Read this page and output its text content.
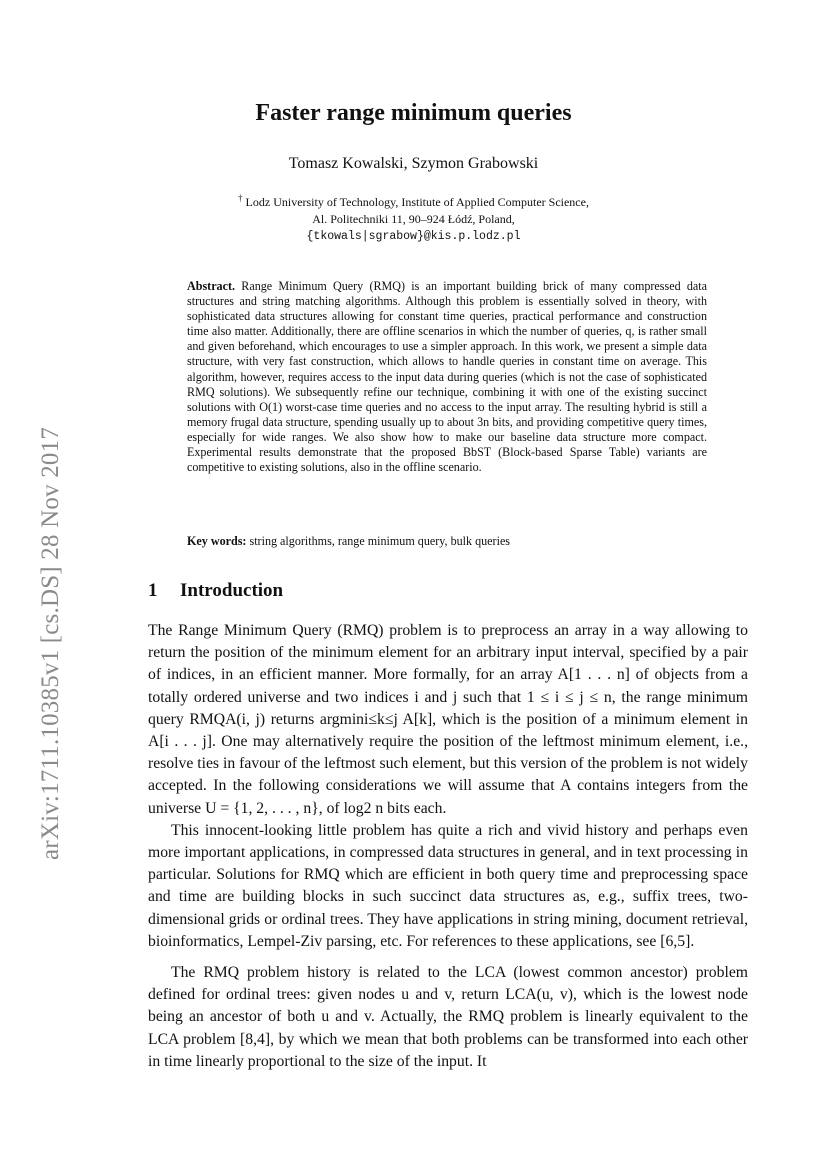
arXiv:1711.10385v1 [cs.DS] 28 Nov 2017
Faster range minimum queries
Tomasz Kowalski, Szymon Grabowski
† Lodz University of Technology, Institute of Applied Computer Science,
Al. Politechniki 11, 90–924 Łódź, Poland,
{tkowals|sgrabow}@kis.p.lodz.pl
Abstract. Range Minimum Query (RMQ) is an important building brick of many compressed data structures and string matching algorithms. Although this problem is essentially solved in theory, with sophisticated data structures allowing for constant time queries, practical performance and construction time also matter. Additionally, there are offline scenarios in which the number of queries, q, is rather small and given beforehand, which encourages to use a simpler approach. In this work, we present a simple data structure, with very fast construction, which allows to handle queries in constant time on average. This algorithm, however, requires access to the input data during queries (which is not the case of sophisticated RMQ solutions). We subsequently refine our technique, combining it with one of the existing succinct solutions with O(1) worst-case time queries and no access to the input array. The resulting hybrid is still a memory frugal data structure, spending usually up to about 3n bits, and providing competitive query times, especially for wide ranges. We also show how to make our baseline data structure more compact. Experimental results demonstrate that the proposed BbST (Block-based Sparse Table) variants are competitive to existing solutions, also in the offline scenario.
Key words: string algorithms, range minimum query, bulk queries
1 Introduction

The Range Minimum Query (RMQ) problem is to preprocess an array in a way allowing to return the position of the minimum element for an arbitrary input interval, specified by a pair of indices, in an efficient manner. More formally, for an array A[1 . . . n] of objects from a totally ordered universe and two indices i and j such that 1 ≤ i ≤ j ≤ n, the range minimum query RMQA(i, j) returns argmini≤k≤j A[k], which is the position of a minimum element in A[i . . . j]. One may alternatively require the position of the leftmost minimum element, i.e., resolve ties in favour of the leftmost such element, but this version of the problem is not widely accepted. In the following considerations we will assume that A contains integers from the universe U = {1, 2, . . . , n}, of log2 n bits each.

This innocent-looking little problem has quite a rich and vivid history and perhaps even more important applications, in compressed data structures in general, and in text processing in particular. Solutions for RMQ which are efficient in both query time and preprocessing space and time are building blocks in such succinct data structures as, e.g., suffix trees, two-dimensional grids or ordinal trees. They have applications in string mining, document retrieval, bioinformatics, Lempel-Ziv parsing, etc. For references to these applications, see [6,5].

The RMQ problem history is related to the LCA (lowest common ancestor) problem defined for ordinal trees: given nodes u and v, return LCA(u, v), which is the lowest node being an ancestor of both u and v. Actually, the RMQ problem is linearly equivalent to the LCA problem [8,4], by which we mean that both problems can be transformed into each other in time linearly proportional to the size of the input. It
